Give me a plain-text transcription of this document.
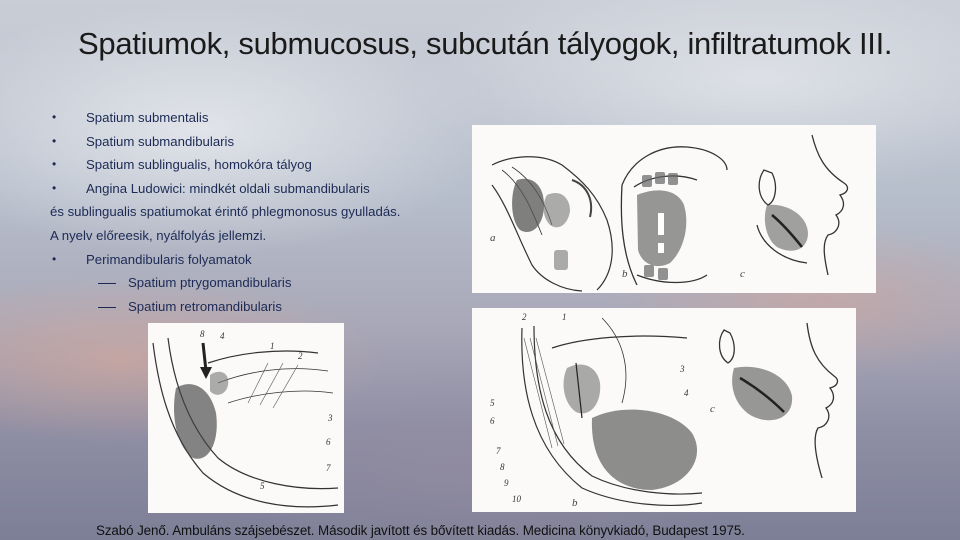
Spatiumok, submucosus, subcután tályogok, infiltratumok III.
• Spatium submentalis
• Spatium submandibularis
• Spatium sublingualis, homokóra tályog
• Angina Ludowici: mindkét oldali submandibularis
és sublingualis spatiumokat érintő phlegmonosus gyulladás.
A nyelv előreesik, nyálfolyás jellemzi.
• Perimandibularis folyamatok
Spatium ptrygomandibularis
Spatium retromandibularis
a
b	c
8 4
1
2
3
6
7
5
2	1
3
4
5
6
7
8
9
10	b
c
Szabó Jenő. Ambuláns szájsebészet. Második javított és bővített kiadás. Medicina könyvkiadó, Budapest 1975.
